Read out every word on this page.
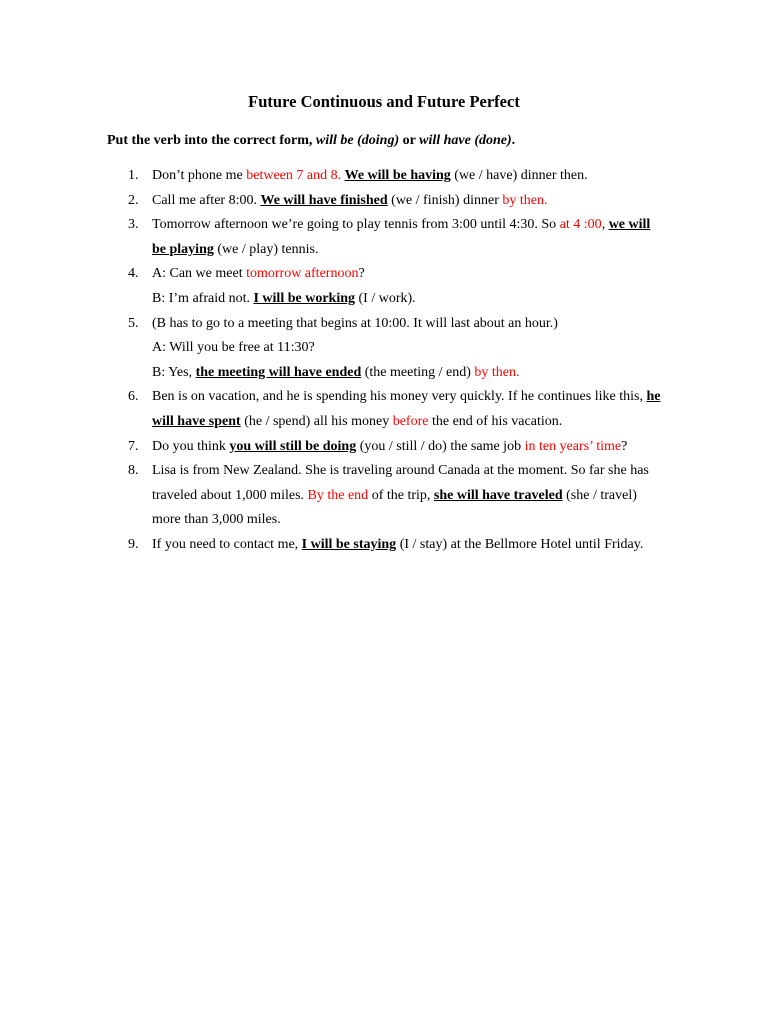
Future Continuous and Future Perfect
Put the verb into the correct form, will be (doing) or will have (done).
1. Don’t phone me between 7 and 8. We will be having (we / have) dinner then.
2. Call me after 8:00. We will have finished (we / finish) dinner by then.
3. Tomorrow afternoon we’re going to play tennis from 3:00 until 4:30. So at 4 :00, we will
be playing (we / play) tennis.
4. A: Can we meet tomorrow afternoon?
B: I’m afraid not. I will be working (I / work).
5. (B has to go to a meeting that begins at 10:00. It will last about an hour.)
A: Will you be free at 11:30?
B: Yes, the meeting will have ended (the meeting / end) by then.
6. Ben is on vacation, and he is spending his money very quickly. If he continues like this, he
will have spent (he / spend) all his money before the end of his vacation.
7. Do you think you will still be doing (you / still / do) the same job in ten years’ time?
8. Lisa is from New Zealand. She is traveling around Canada at the moment. So far she has
traveled about 1,000 miles. By the end of the trip, she will have traveled (she / travel)
more than 3,000 miles.
9. If you need to contact me, I will be staying (I / stay) at the Bellmore Hotel until Friday.
